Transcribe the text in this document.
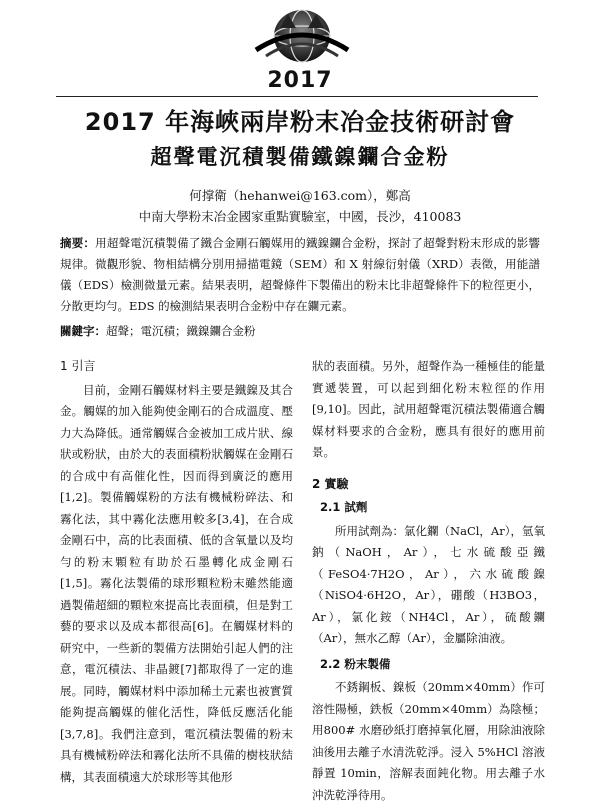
2017
2017 年海峽兩岸粉末冶金技術研討會
超聲電沉積製備鐵鎳鑭合金粉
何撑衛（hehanwei@163.com），鄭高
中南大學粉末冶金國家重點實驗室，中國，長沙，410083

摘要：用超聲電沉積製備了鐵合金剛石觸媒用的鐵鎳鑭合金粉，探討了超聲對粉末形成的影響規律。微觀形貌、物相結構分別用掃描電鏡（SEM）和 X 射線衍射儀（XRD）表徵，用能譜儀（EDS）檢測微量元素。結果表明，超聲條件下製備出的粉末比非超聲條件下的粒徑更小，分散更均勻。EDS 的檢測結果表明合金粉中存在鑭元素。

關鍵字：超聲；電沉積；鐵鎳鑭合金粉
1 引言

目前，金剛石觸媒材料主要是鐵鎳及其合金。觸媒的加入能夠使金剛石的合成溫度、壓力大為降低。通常觸媒合金被加工成片狀、線狀或粉狀，由於大的表面積粉狀觸媒在金剛石的合成中有高催化性，因而得到廣泛的應用[1,2]。製備觸媒粉的方法有機械粉碎法、和霧化法，其中霧化法應用較多[3,4]，在合成金剛石中，高的比表面積、低的含氧量以及均勻的粉末顆粒有助於石墨轉化成金剛石[1,5]。霧化法製備的球形顆粒粉末雖然能適過製備超細的顆粒來提高比表面積，但是對工藝的要求以及成本都很高[6]。在觸媒材料的研究中，一些新的製備方法開始引起人們的注意，電沉積法、非晶鍍[7]都取得了一定的進展。同時，觸媒材料中添加稀土元素也被實質能夠提高觸媒的催化活性，降低反應活化能[3,7,8]。我們注意到，電沉積法製備的粉末具有機械粉碎法和霧化法所不具備的樹枝狀結構，其表面積遠大於球形等其他形

狀的表面積。另外，超聲作為一種極佳的能量實遞裝置，可以起到細化粉末粒徑的作用[9,10]。因此，試用超聲電沉積法製備適合觸媒材料要求的合金粉，應具有很好的應用前景。

2 實驗
2.1 試劑

所用試劑為：氯化鑭（NaCl，Ar），氫氧鈉（NaOH，Ar），七水硫酸亞鐵（FeSO4·7H2O，Ar），六水硫酸鎳（NiSO4·6H2O，Ar），硼酸（H3BO3，Ar），氯化銨（NH4Cl，Ar），硫酸鑭（Ar），無水乙醇（Ar），金屬除油液。

2.2 粉末製備

不銹鋼板、鎳板（20mm×40mm）作可溶性陽極，鉄板（20mm×40mm）為陰極；用800# 水磨砂紙打磨掉氧化層，用除油液除油後用去離子水清洗乾淨。浸入 5%HCl 溶液靜置 10min，溶解表面鈍化物。用去離子水沖洗乾淨待用。
